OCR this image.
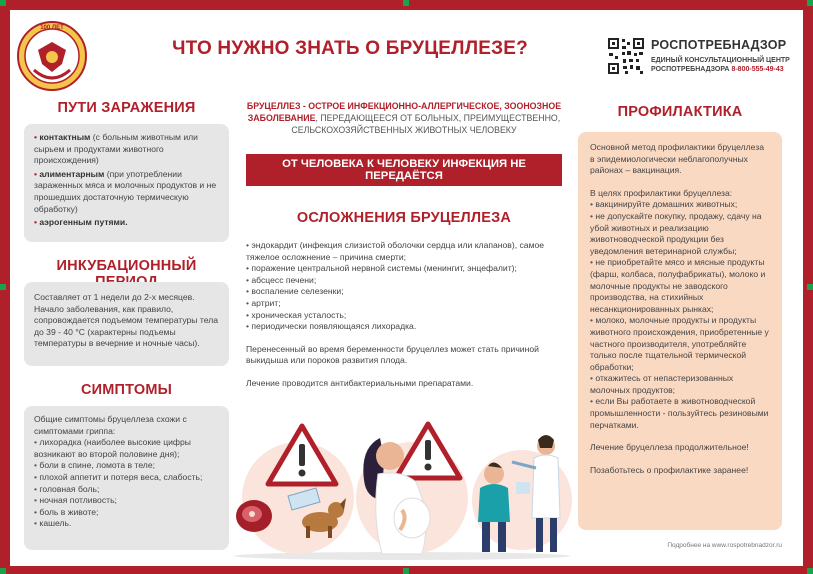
100 ЛЕТ
ЧТО НУЖНО ЗНАТЬ О БРУЦЕЛЛЕЗЕ?	РОСПОТРЕБНАДЗОР
ЕДИНЫЙ КОНСУЛЬТАЦИОННЫЙ ЦЕНТР
РОСПОТРЕБНАДЗОРА 8-800-555-49-43
ПУТИ ЗАРАЖЕНИЯ
• контактным (с больным животным или сырьем и продуктами животного происхождения)
• алиментарным (при употреблении зараженных мяса и молочных продуктов и не прошедших достаточную термическую обработку)
• аэрогенным путями.
ИНКУБАЦИОННЫЙ
Составляет от 1 недели до 2-х месяцев. Начало заболевания, как правило, сопровождается подъемом температуры тела до 39 - 40 °С (характерны подъемы температуры в вечерние и ночные часы).
СИМПТОМЫ
Общие симптомы бруцеллеза схожи с симптомами гриппа:
• лихорадка (наиболее высокие цифры возникают во второй половине дня);
• боли в спине, ломота в теле;
• плохой аппетит и потеря веса, слабость;
• головная боль;
• ночная потливость;
• боль в животе;
• кашель.
БРУЦЕЛЛЕЗ - ОСТРОЕ ИНФЕКЦИОННО-АЛЛЕРГИЧЕСКОЕ, ЗООНОЗНОЕ ЗАБОЛЕВАНИЕ, ПЕРЕДАЮЩЕЕСЯ ОТ БОЛЬНЫХ, ПРЕИМУЩЕСТВЕННО, СЕЛЬСКОХОЗЯЙСТВЕННЫХ ЖИВОТНЫХ ЧЕЛОВЕКУ
ОТ ЧЕЛОВЕКА К ЧЕЛОВЕКУ ИНФЕКЦИЯ НЕ ПЕРЕДАЁТСЯ
ОСЛОЖНЕНИЯ БРУЦЕЛЛЕЗА
• эндокардит (инфекция слизистой оболочки сердца или клапанов), самое тяжелое осложнение – причина смерти;
• поражение центральной нервной системы (менингит, энцефалит);
• абсцесс печени;
• воспаление селезенки;
• артрит;
• хроническая усталость;
• периодически появляющаяся лихорадка.
Перенесенный во время беременности бруцеллез может стать причиной выкидыша или пороков развития плода.
Лечение проводится антибактериальными препаратами.
ПРОФИЛАКТИКА
Основной метод профилактики бруцеллеза в эпидемиологически неблагополучных районах – вакцинация.
В целях профилактики бруцеллеза:
• вакцинируйте домашних животных;
• не допускайте покупку, продажу, сдачу на убой животных и реализацию животноводческой продукции без уведомления ветеринарной службы;
• не приобретайте мясо и мясные продукты (фарш, колбаса, полуфабрикаты), молоко и молочные продукты не заводского производства, на стихийных несанкционированных рынках;
• молоко, молочные продукты и продукты животного происхождения, приобретенные у частного производителя, употребляйте только после тщательной термической обработки;
• откажитесь от непастеризованных молочных продуктов;
• если Вы работаете в животноводческой промышленности - пользуйтесь резиновыми перчатками.
Лечение бруцеллеза продолжительное!
Позаботьтесь о профилактике заранее!
Подробнее на www.rospotrebnadzor.ru
